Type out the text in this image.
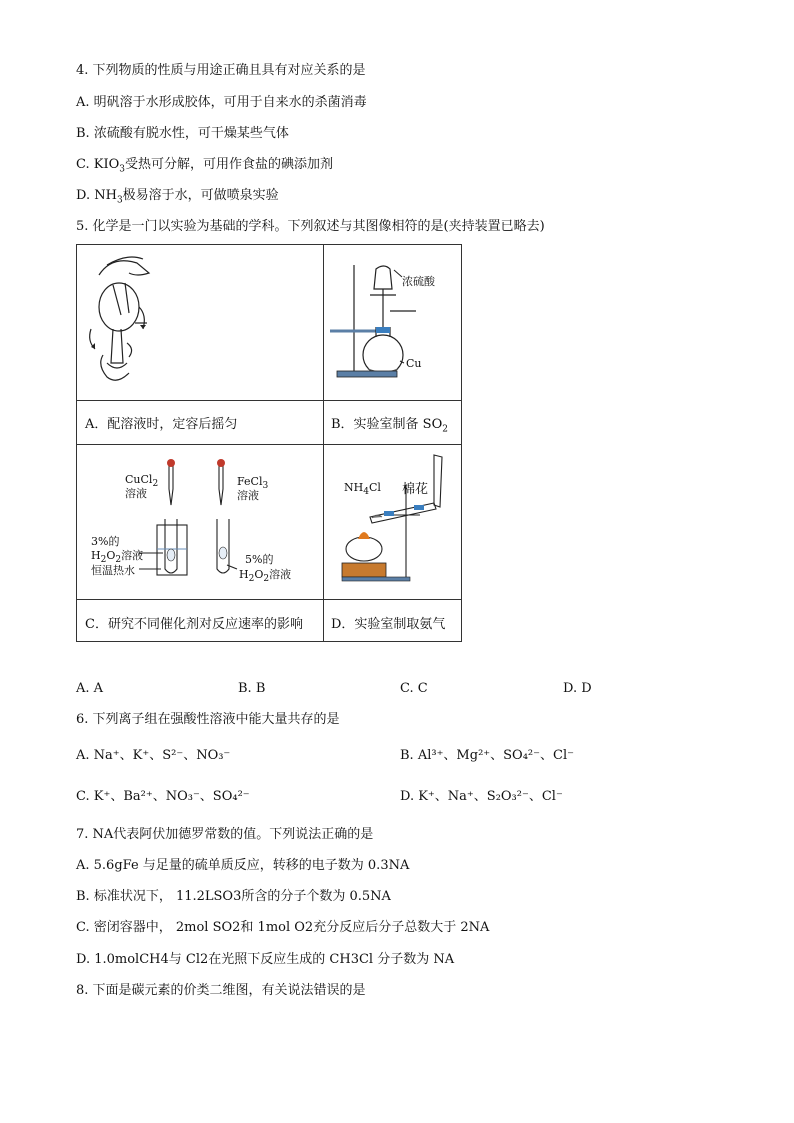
4. 下列物质的性质与用途正确且具有对应关系的是
A. 明矾溶于水形成胶体，可用于自来水的杀菌消毒
B. 浓硫酸有脱水性，可干燥某些气体
C. $KIO_3$受热可分解，可用作食盐的碘添加剂
D. $NH_3$极易溶于水，可做喷泉实验
5. 化学是一门以实验为基础的学科。下列叙述与其图像相符的是(夹持装置已略去)
浓硫酸
Cu
A．配溶液时，定容后摇匀	B．实验室制备 $SO_2$
CuCl$_2$
溶液
FeCl$_3$
溶液
3%的
$H_2O_2$溶液
恒温热水
5%的
$H_2O_2$溶液
$NH_4Cl$ 棉花
C．研究不同催化剂对反应速率的影响 D．实验室制取氨气
A. A	B. B	C. C	D. D
6. 下列离子组在强酸性溶液中能大量共存的是
A. Na⁺、K⁺、S²⁻、NO₃⁻	B. Al³⁺、Mg²⁺、SO₄²⁻、Cl⁻
C. K⁺、Ba²⁺、NO₃⁻、SO₄²⁻	D. K⁺、Na⁺、S₂O₃²⁻、Cl⁻
7. NA代表阿伏加德罗常数的值。下列说法正确的是
A. 5.6gFe 与足量的硫单质反应，转移的电子数为 0.3NA
B. 标准状况下， 11.2LSO3所含的分子个数为 0.5NA
C. 密闭容器中， 2mol SO2和 1mol O2充分反应后分子总数大于 2NA
D. 1.0molCH4与 Cl2在光照下反应生成的 CH3Cl 分子数为 NA
8. 下面是碳元素的价类二维图，有关说法错误的是
